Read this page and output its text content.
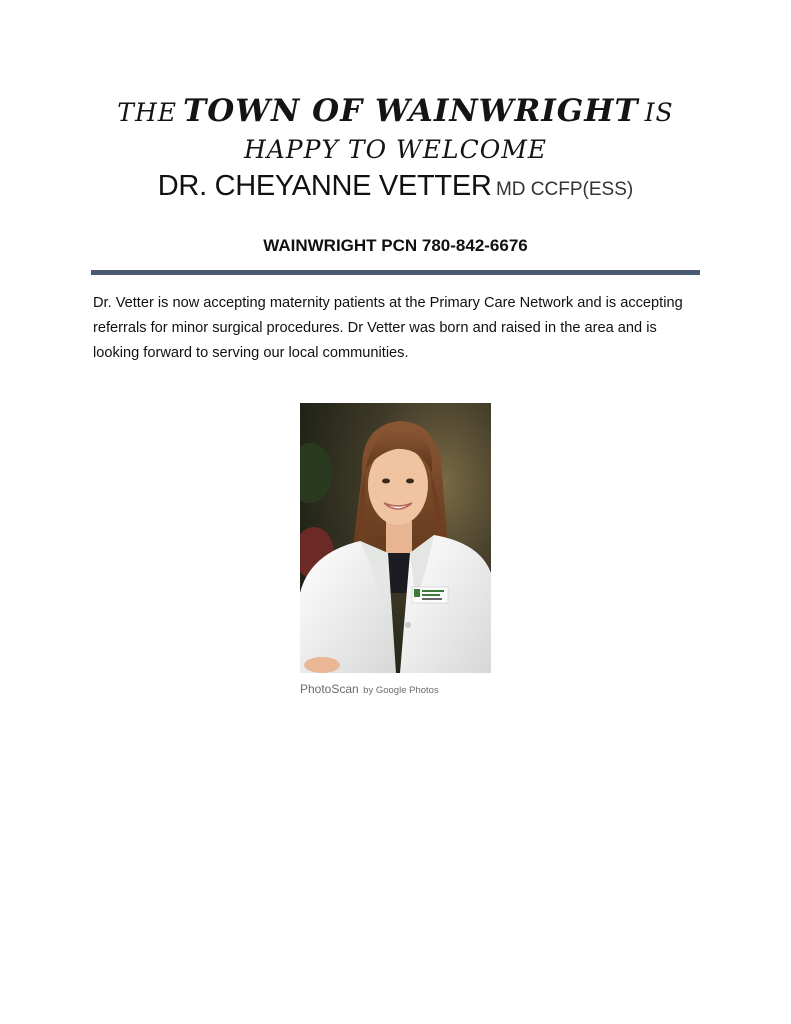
THE TOWN OF WAINWRIGHT IS
HAPPY TO WELCOME
DR. CHEYANNE VETTER MD CCFP(ESS)
WAINWRIGHT PCN 780-842-6676

Dr. Vetter is now accepting maternity patients at the Primary Care Network and is accepting referrals for minor surgical procedures. Dr Vetter was born and raised in the area and is looking forward to serving our local communities.

PhotoScan by Google Photos
